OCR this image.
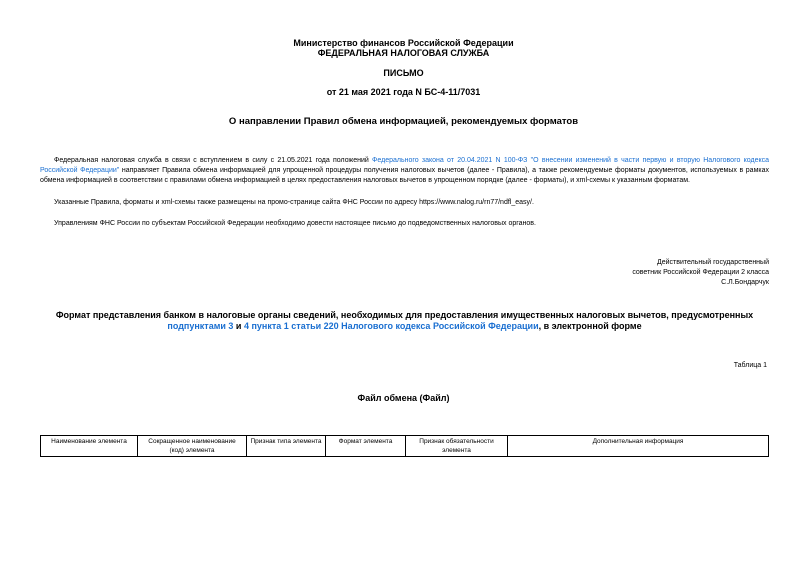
Министерство финансов Российской Федерации
ФЕДЕРАЛЬНАЯ НАЛОГОВАЯ СЛУЖБА
ПИСЬМО
от 21 мая 2021 года N БС-4-11/7031
О направлении Правил обмена информацией, рекомендуемых форматов
Федеральная налоговая служба в связи с вступлением в силу с 21.05.2021 года положений Федерального закона от 20.04.2021 N 100-ФЗ "О внесении изменений в части первую и вторую Налогового кодекса Российской Федерации" направляет Правила обмена информацией для упрощенной процедуры получения налоговых вычетов (далее - Правила), а также рекомендуемые форматы документов, используемых в рамках обмена информацией в соответствии с правилами обмена информацией в целях предоставления налоговых вычетов в упрощенном порядке (далее - форматы), и xml-схемы к указанным форматам.
Указанные Правила, форматы и xml-схемы также размещены на промо-странице сайта ФНС России по адресу https://www.nalog.ru/rn77/ndfl_easy/.
Управлениям ФНС России по субъектам Российской Федерации необходимо довести настоящее письмо до подведомственных налоговых органов.
Действительный государственный
советник Российской Федерации 2 класса
С.Л.Бондарчук
Формат представления банком в налоговые органы сведений, необходимых для предоставления имущественных налоговых вычетов, предусмотренных подпунктами 3 и 4 пункта 1 статьи 220 Налогового кодекса Российской Федерации, в электронной форме
Таблица 1
Файл обмена (Файл)
Наименование элемента	Сокращенное наименование (код) элемента	Признак типа элемента	Формат элемента	Признак обязательности элемента	Дополнительная информация
